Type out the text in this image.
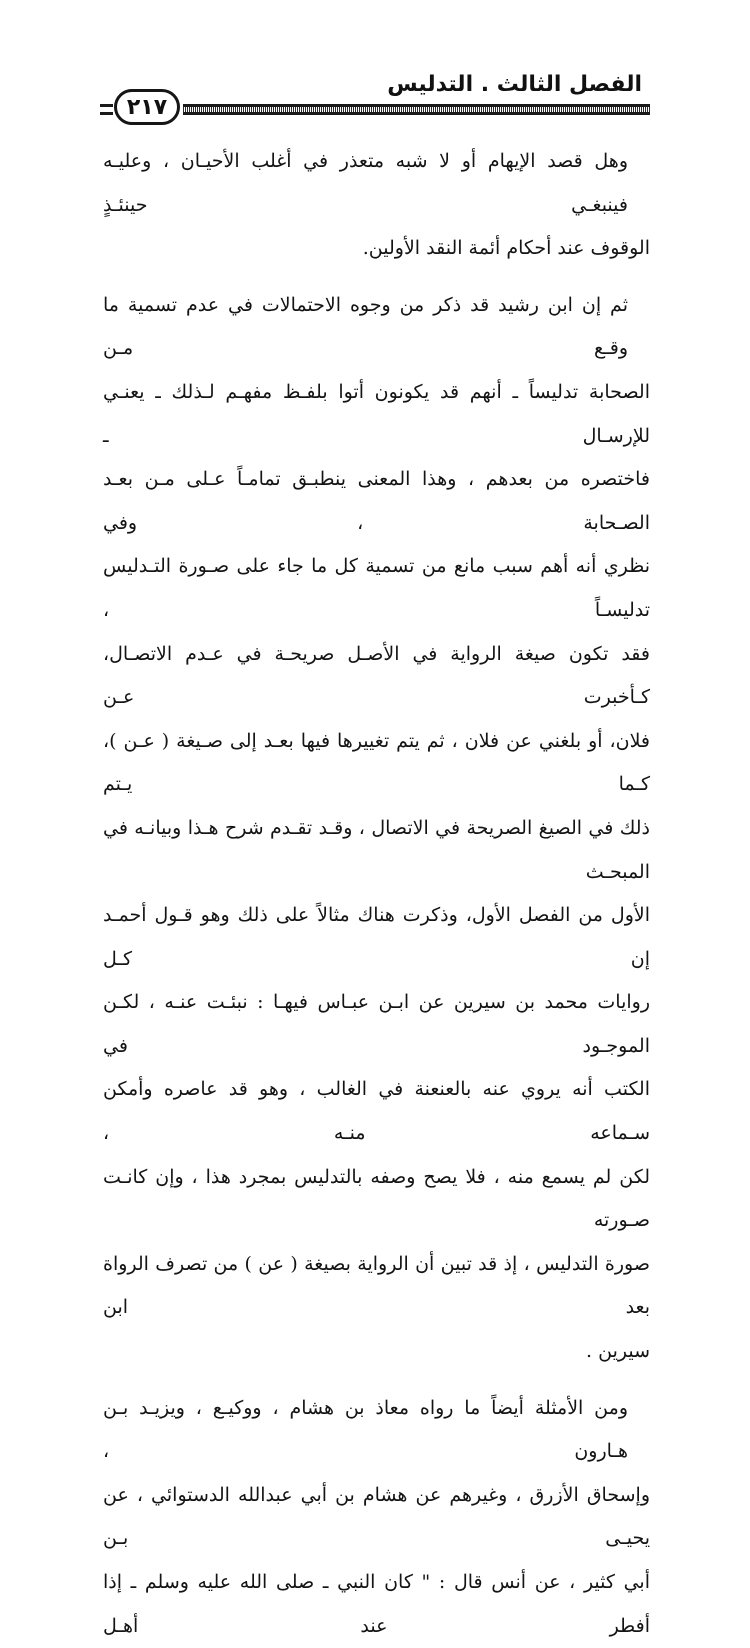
الفصل الثالث . التدليس
٢١٧

وهل قصد الإيهام أو لا شبه متعذر في أغلب الأحيـان ، وعليـه فينبغـي حينئـذٍ
الوقوف عند أحكام أئمة النقد الأولين.

ثم إن ابن رشيد قد ذكر من وجوه الاحتمالات في عدم تسمية ما وقـع مـن
الصحابة تدليساً ـ أنهم قد يكونون أتوا بلفـظ مفهـم لـذلك ـ يعنـي للإرسـال ـ
فاختصره من بعدهم ، وهذا المعنى ينطبـق تمامـاً عـلى مـن بعـد الصـحابة ، وفي
نظري أنه أهم سبب مانع من تسمية كل ما جاء على صـورة التـدليس تدليسـاً ،
فقد تكون صيغة الرواية في الأصـل صريحـة في عـدم الاتصـال، كـأخبرت عـن
فلان، أو بلغني عن فلان ، ثم يتم تغييرها فيها بعـد إلى صـيغة ( عـن )، كـما يـتم
ذلك في الصيغ الصريحة في الاتصال ، وقـد تقـدم شرح هـذا وبيانـه في المبحـث
الأول من الفصل الأول، وذكرت هناك مثالاً على ذلك وهو قـول أحمـد إن كـل
روايات محمد بن سيرين عن ابـن عبـاس فيهـا : نبئـت عنـه ، لكـن الموجـود في
الكتب أنه يروي عنه بالعنعنة في الغالب ، وهو قد عاصره وأمكن سـماعه منـه ،
لكن لم يسمع منه ، فلا يصح وصفه بالتدليس بمجرد هذا ، وإن كانـت صـورته
صورة التدليس ، إذ قد تبين أن الرواية بصيغة ( عن ) من تصرف الرواة بعد ابن
سيرين .

ومن الأمثلة أيضاً ما رواه معاذ بن هشام ، ووكيـع ، ويزيـد بـن هـارون ،
وإسحاق الأزرق ، وغيرهم عن هشام بن أبي عبدالله الدستوائي ، عن يحيـى بـن
أبي كثير ، عن أنس قال : " كان النبي ـ صلى الله عليه وسلم ـ إذا أفطر عند أهـل
